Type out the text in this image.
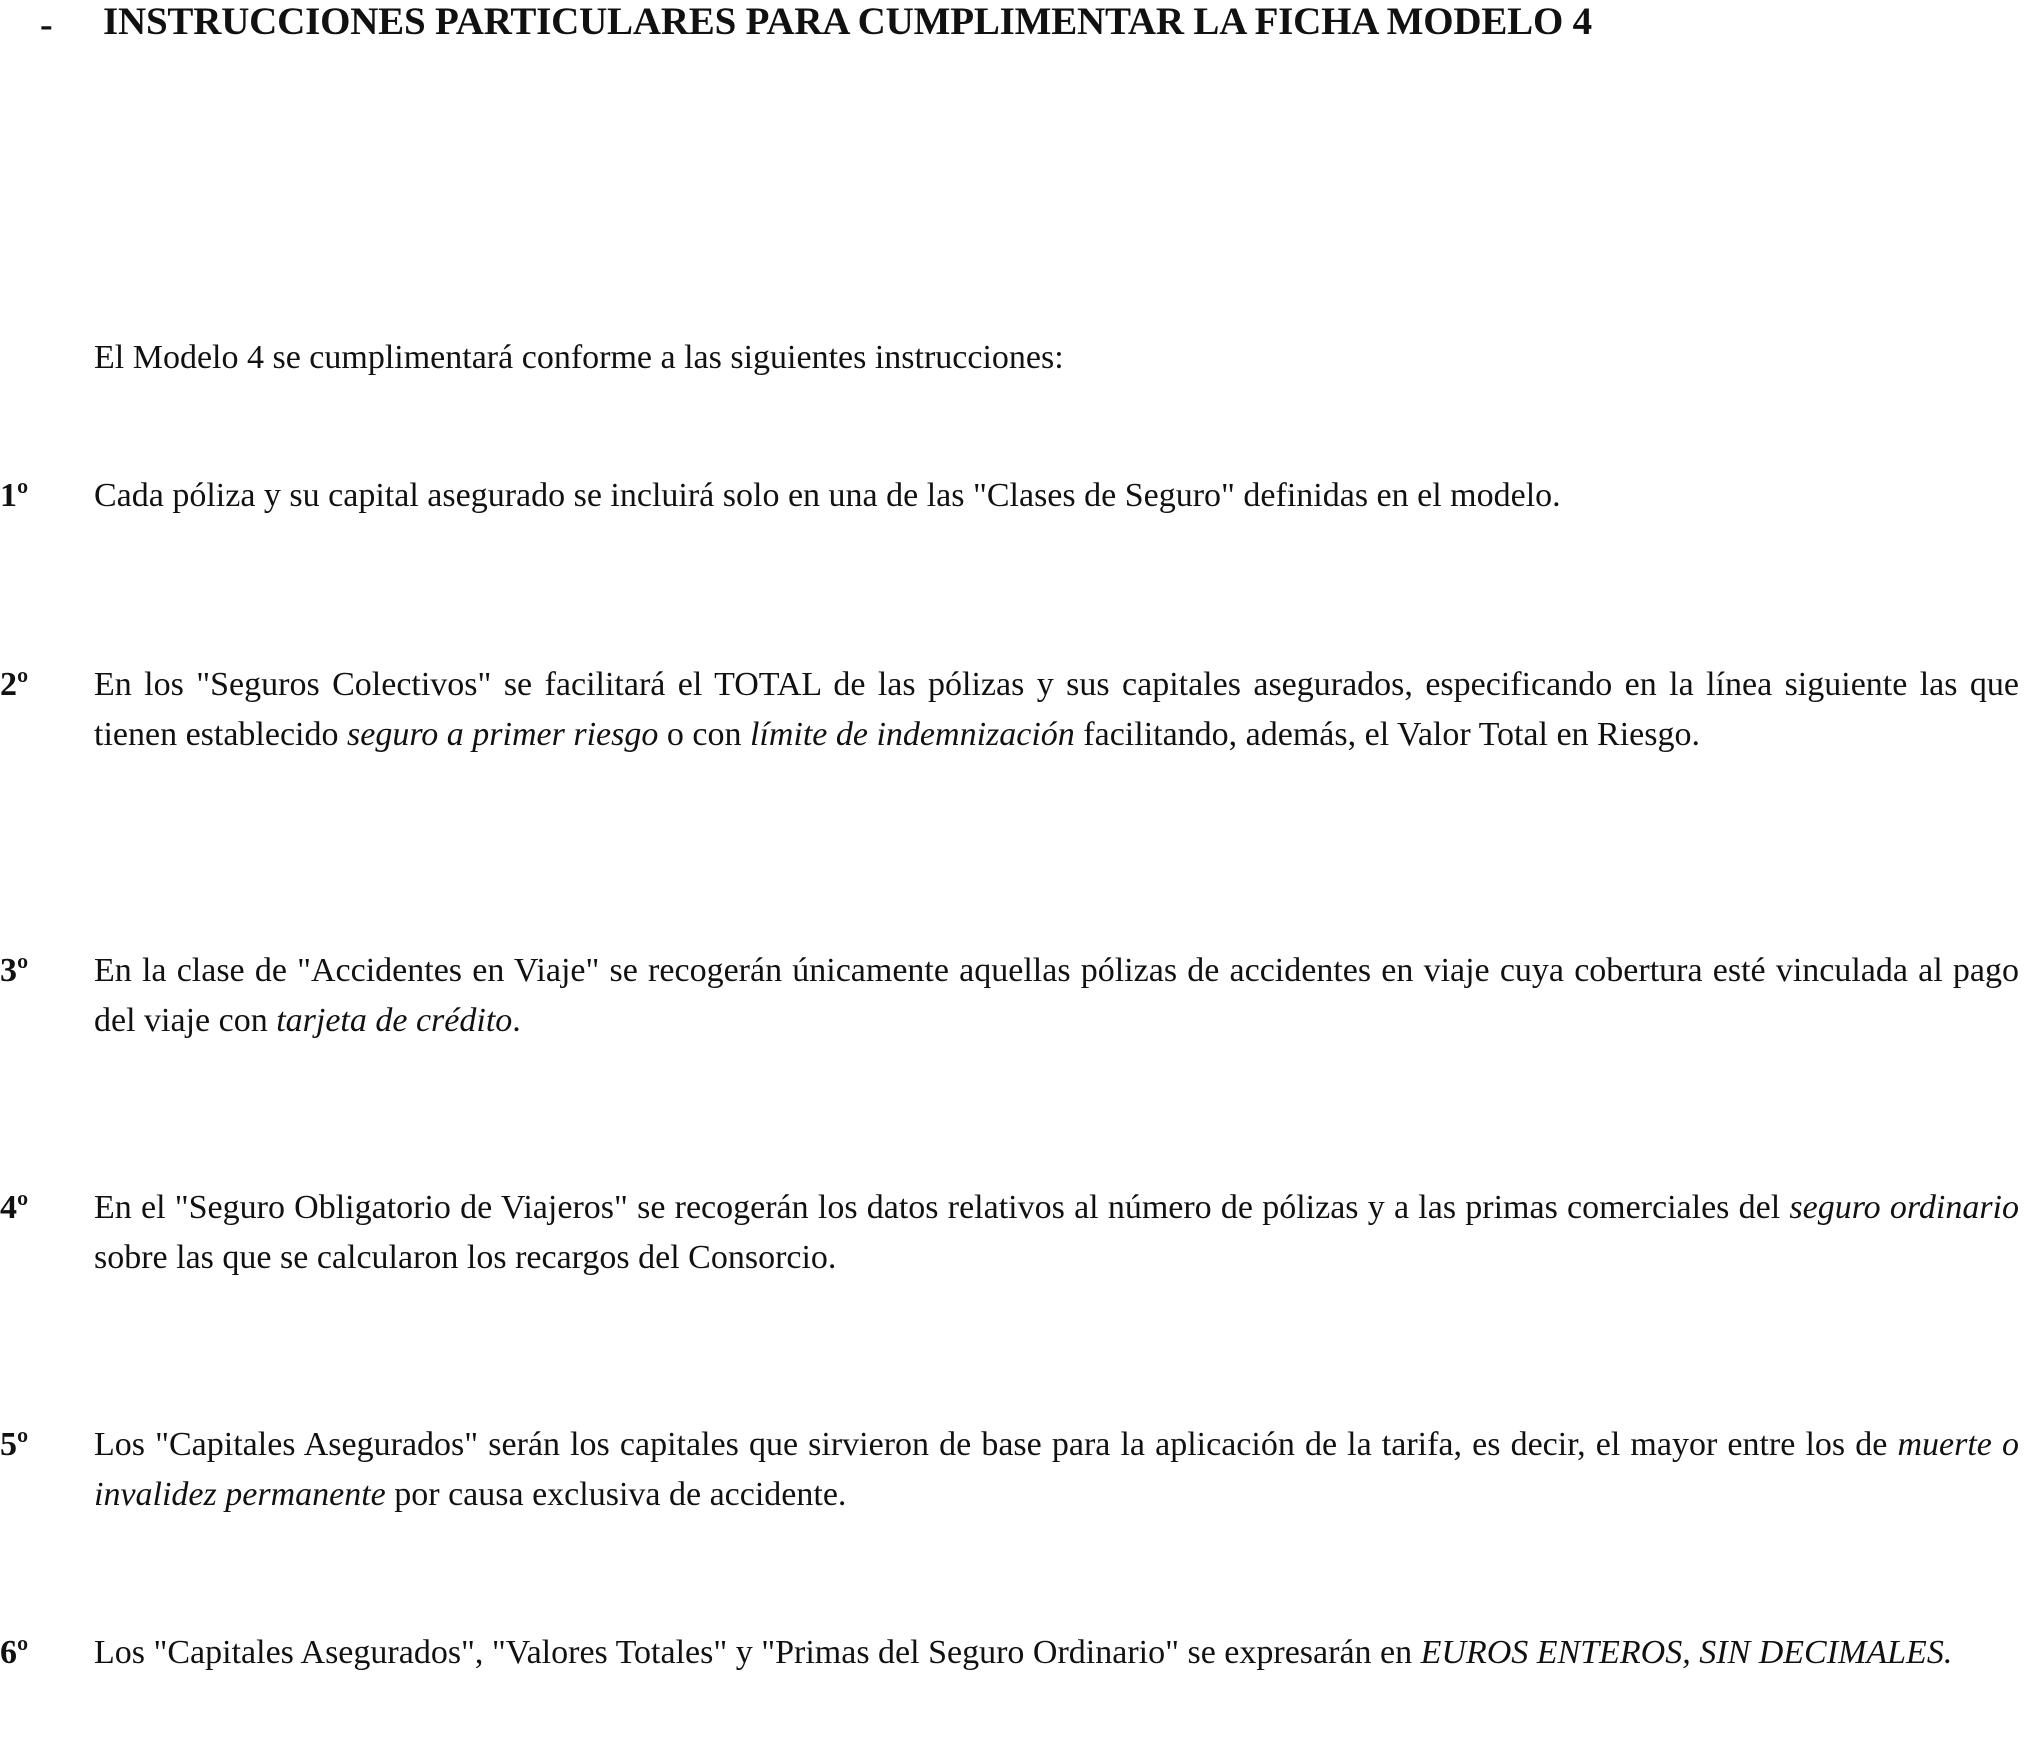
- INSTRUCCIONES PARTICULARES PARA CUMPLIMENTAR LA FICHA MODELO 4
El Modelo 4 se cumplimentará conforme a las siguientes instrucciones:
1º Cada póliza y su capital asegurado se incluirá solo en una de las "Clases de Seguro" definidas en el modelo.
2º En los "Seguros Colectivos" se facilitará el TOTAL de las pólizas y sus capitales asegurados, especificando en la línea siguiente las que tienen establecido seguro a primer riesgo o con límite de indemnización facilitando, además, el Valor Total en Riesgo.
3º En la clase de "Accidentes en Viaje" se recogerán únicamente aquellas pólizas de accidentes en viaje cuya cobertura esté vinculada al pago del viaje con tarjeta de crédito.
4º En el "Seguro Obligatorio de Viajeros" se recogerán los datos relativos al número de pólizas y a las primas comerciales del seguro ordinario sobre las que se calcularon los recargos del Consorcio.
5º Los "Capitales Asegurados" serán los capitales que sirvieron de base para la aplicación de la tarifa, es decir, el mayor entre los de muerte o invalidez permanente por causa exclusiva de accidente.
6º Los "Capitales Asegurados", "Valores Totales" y "Primas del Seguro Ordinario" se expresarán en EUROS ENTEROS, SIN DECIMALES.
